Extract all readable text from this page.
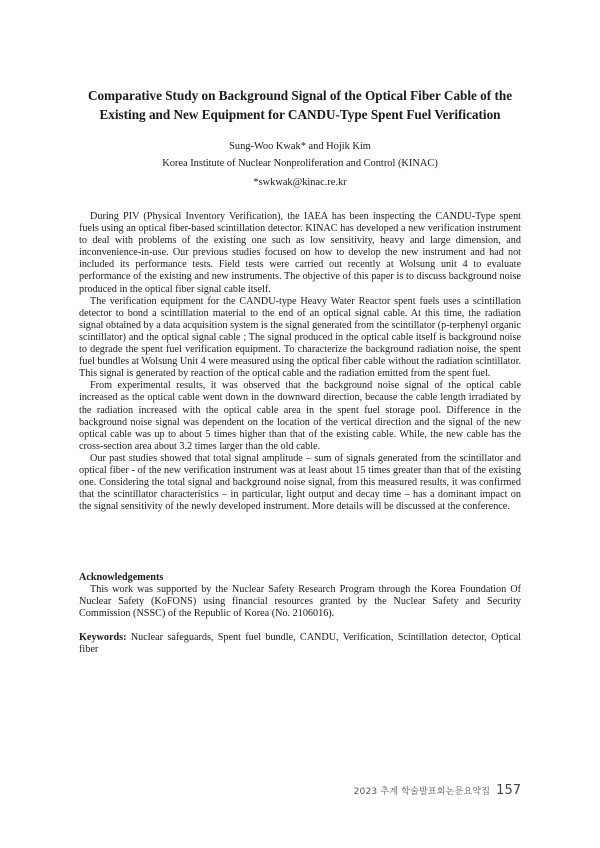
Comparative Study on Background Signal of the Optical Fiber Cable of the
Existing and New Equipment for CANDU-Type Spent Fuel Verification

Sung-Woo Kwak* and Hojik Kim

Korea Institute of Nuclear Nonproliferation and Control (KINAC)

*swkwak@kinac.re.kr

During PIV (Physical Inventory Verification), the IAEA has been inspecting the CANDU-Type spent fuels using an optical fiber-based scintillation detector. KINAC has developed a new verification instrument to deal with problems of the existing one such as low sensitivity, heavy and large dimension, and inconvenience-in-use. Our previous studies focused on how to develop the new instrument and had not included its performance tests. Field tests were carried out recently at Wolsung unit 4 to evaluate performance of the existing and new instruments. The objective of this paper is to discuss background noise produced in the optical fiber signal cable itself.

The verification equipment for the CANDU-type Heavy Water Reactor spent fuels uses a scintillation detector to bond a scintillation material to the end of an optical signal cable. At this time, the radiation signal obtained by a data acquisition system is the signal generated from the scintillator (p-terphenyl organic scintillator) and the optical signal cable ; The signal produced in the optical cable itself is background noise to degrade the spent fuel verification equipment. To characterize the background radiation noise, the spent fuel bundles at Wolsung Unit 4 were measured using the optical fiber cable without the radiation scintillator. This signal is generated by reaction of the optical cable and the radiation emitted from the spent fuel.

From experimental results, it was observed that the background noise signal of the optical cable increased as the optical cable went down in the downward direction, because the cable length irradiated by the radiation increased with the optical cable area in the spent fuel storage pool. Difference in the background noise signal was dependent on the location of the vertical direction and the signal of the new optical cable was up to about 5 times higher than that of the existing cable. While, the new cable has the cross-section area about 3.2 times larger than the old cable.

Our past studies showed that total signal amplitude – sum of signals generated from the scintillator and optical fiber - of the new verification instrument was at least about 15 times greater than that of the existing one. Considering the total signal and background noise signal, from this measured results, it was confirmed that the scintillator characteristics – in particular, light output and decay time – has a dominant impact on the signal sensitivity of the newly developed instrument. More details will be discussed at the conference.

Acknowledgements

This work was supported by the Nuclear Safety Research Program through the Korea Foundation Of Nuclear Safety (KoFONS) using financial resources granted by the Nuclear Safety and Security Commission (NSSC) of the Republic of Korea (No. 2106016).

Keywords: Nuclear safeguards, Spent fuel bundle, CANDU, Verification, Scintillation detector, Optical fiber

2023 추계 학술발표회논문요약집 157
